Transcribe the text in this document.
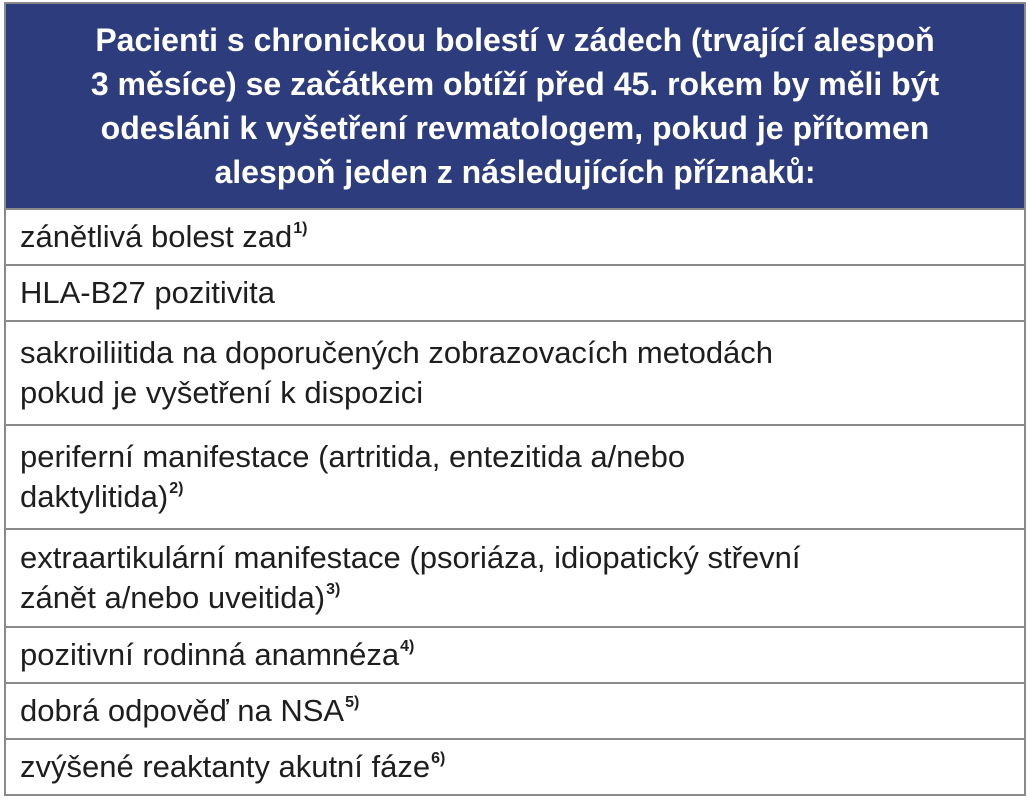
Pacienti s chronickou bolestí v zádech (trvající alespoň
3 měsíce) se začátkem obtíží před 45. rokem by měli být
odesláni k vyšetření revmatologem, pokud je přítomen
alespoň jeden z následujících příznaků:
zánětlivá bolest zad$^{1)}$
HLA-B27 pozitivita
sakroiliitida na doporučených zobrazovacích metodách
pokud je vyšetření k dispozici
periferní manifestace (artritida, entezitida a/nebo
daktylitida)$^{2)}$
extraartikulární manifestace (psoriáza, idiopatický střevní
zánět a/nebo uveitida)$^{3)}$
pozitivní rodinná anamnéza$^{4)}$
dobrá odpověď na NSA$^{5)}$
zvýšené reaktanty akutní fáze$^{6)}$
